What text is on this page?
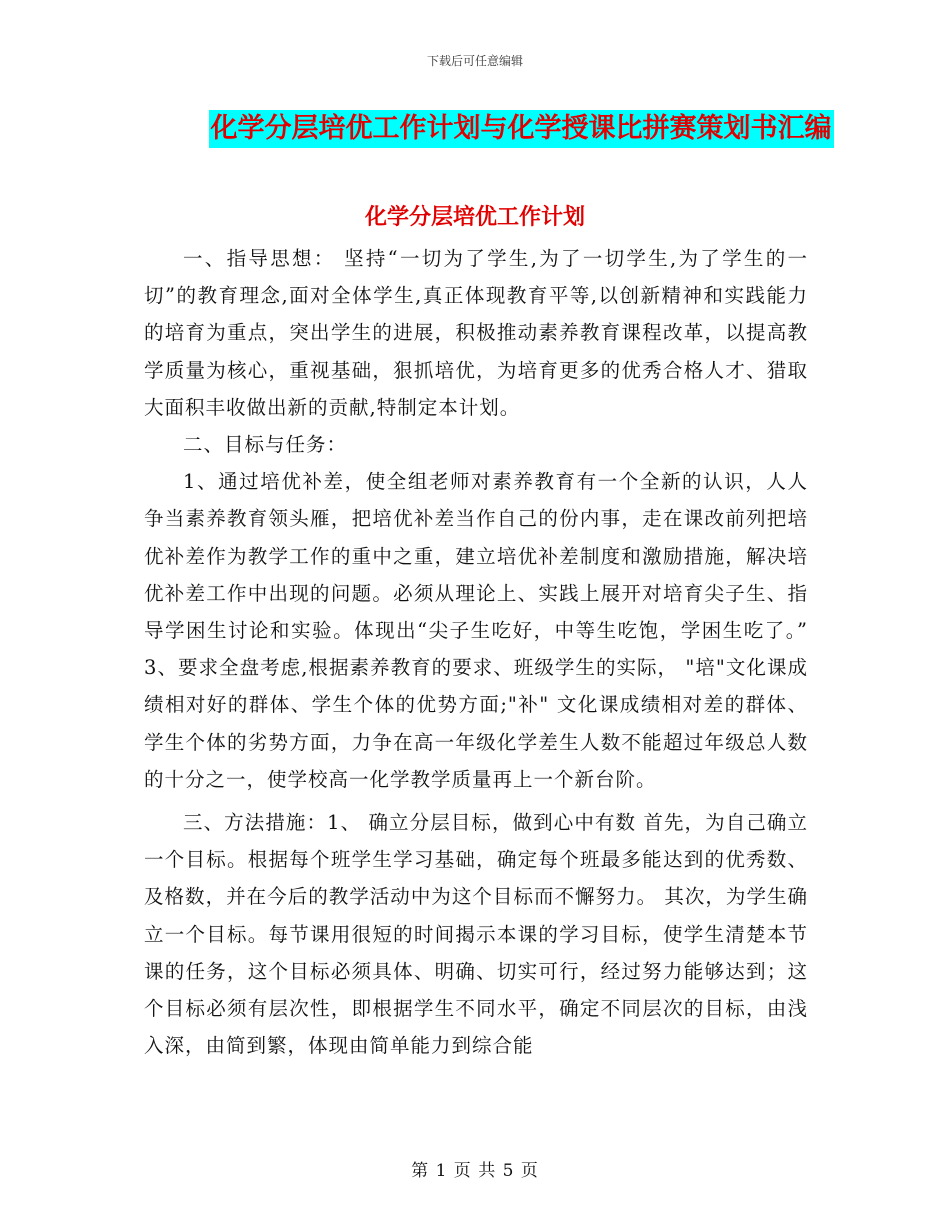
下载后可任意编辑
化学分层培优工作计划与化学授课比拼赛策划书汇编
化学分层培优工作计划

一、指导思想： 坚持“一切为了学生,为了一切学生,为了学生的一切”的教育理念,面对全体学生,真正体现教育平等,以创新精神和实践能力的培育为重点，突出学生的进展，积极推动素养教育课程改革，以提高教学质量为核心，重视基础，狠抓培优，为培育更多的优秀合格人才、猎取大面积丰收做出新的贡献,特制定本计划。

二、目标与任务：

1、通过培优补差，使全组老师对素养教育有一个全新的认识，人人争当素养教育领头雁，把培优补差当作自己的份内事，走在课改前列把培优补差作为教学工作的重中之重，建立培优补差制度和激励措施，解决培优补差工作中出现的问题。必须从理论上、实践上展开对培育尖子生、指导学困生讨论和实验。体现出“尖子生吃好，中等生吃饱，学困生吃了。” 3、要求全盘考虑,根据素养教育的要求、班级学生的实际， "培"文化课成绩相对好的群体、学生个体的优势方面;"补" 文化课成绩相对差的群体、学生个体的劣势方面，力争在高一年级化学差生人数不能超过年级总人数的十分之一，使学校高一化学教学质量再上一个新台阶。

三、方法措施：1、 确立分层目标，做到心中有数 首先，为自己确立一个目标。根据每个班学生学习基础，确定每个班最多能达到的优秀数、及格数，并在今后的教学活动中为这个目标而不懈努力。 其次，为学生确立一个目标。每节课用很短的时间揭示本课的学习目标，使学生清楚本节课的任务，这个目标必须具体、明确、切实可行，经过努力能够达到；这个目标必须有层次性，即根据学生不同水平，确定不同层次的目标，由浅入深，由简到繁，体现由简单能力到综合能

第 1 页 共 5 页
